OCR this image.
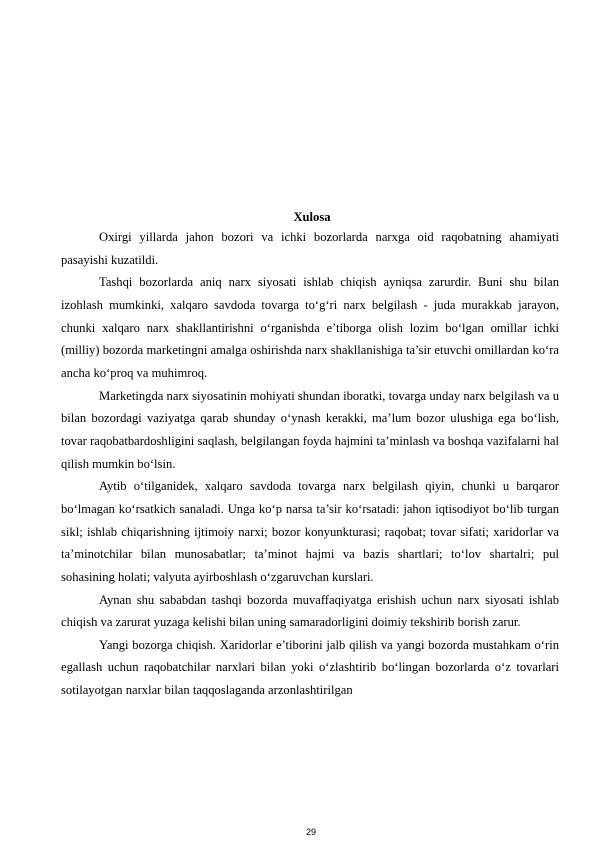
Xulosa

Oxirgi yillarda jahon bozori va ichki bozorlarda narxga oid raqobatning ahamiyati pasayishi kuzatildi.

Tashqi bozorlarda aniq narx siyosati ishlab chiqish ayniqsa zarurdir. Buni shu bilan izohlash mumkinki, xalqaro savdoda tovarga to‘g‘ri narx belgilash - juda murakkab jarayon, chunki xalqaro narx shakllantirishni o‘rganishda e’tiborga olish lozim bo‘lgan omillar ichki (milliy) bozorda marketingni amalga oshirishda narx shakllanishiga ta’sir etuvchi omillardan ko‘ra ancha ko‘proq va muhimroq.

Marketingda narx siyosatinin mohiyati shundan iboratki, tovarga unday narx belgilash va u bilan bozordagi vaziyatga qarab shunday o‘ynash kerakki, ma’lum bozor ulushiga ega bo‘lish, tovar raqobatbardoshligini saqlash, belgilangan foyda hajmini ta’minlash va boshqa vazifalarni hal qilish mumkin bo‘lsin.

Aytib o‘tilganidek, xalqaro savdoda tovarga narx belgilash qiyin, chunki u barqaror bo‘lmagan ko‘rsatkich sanaladi. Unga ko‘p narsa ta’sir ko‘rsatadi: jahon iqtisodiyot bo‘lib turgan sikl; ishlab chiqarishning ijtimoiy narxi; bozor konyunkturasi; raqobat; tovar sifati; xaridorlar va ta’minotchilar bilan munosabatlar; ta’minot hajmi va bazis shartlari; to‘lov shartalri; pul sohasining holati; valyuta ayirboshlash o‘zgaruvchan kurslari.

Aynan shu sababdan tashqi bozorda muvaffaqiyatga erishish uchun narx siyosati ishlab chiqish va zarurat yuzaga kelishi bilan uning samaradorligini doimiy tekshirib borish zarur.

Yangi bozorga chiqish. Xaridorlar e’tiborini jalb qilish va yangi bozorda mustahkam o‘rin egallash uchun raqobatchilar narxlari bilan yoki o‘zlashtirib bo‘lingan bozorlarda o‘z tovarlari sotilayotgan narxlar bilan taqqoslaganda arzonlashtirilgan

29
